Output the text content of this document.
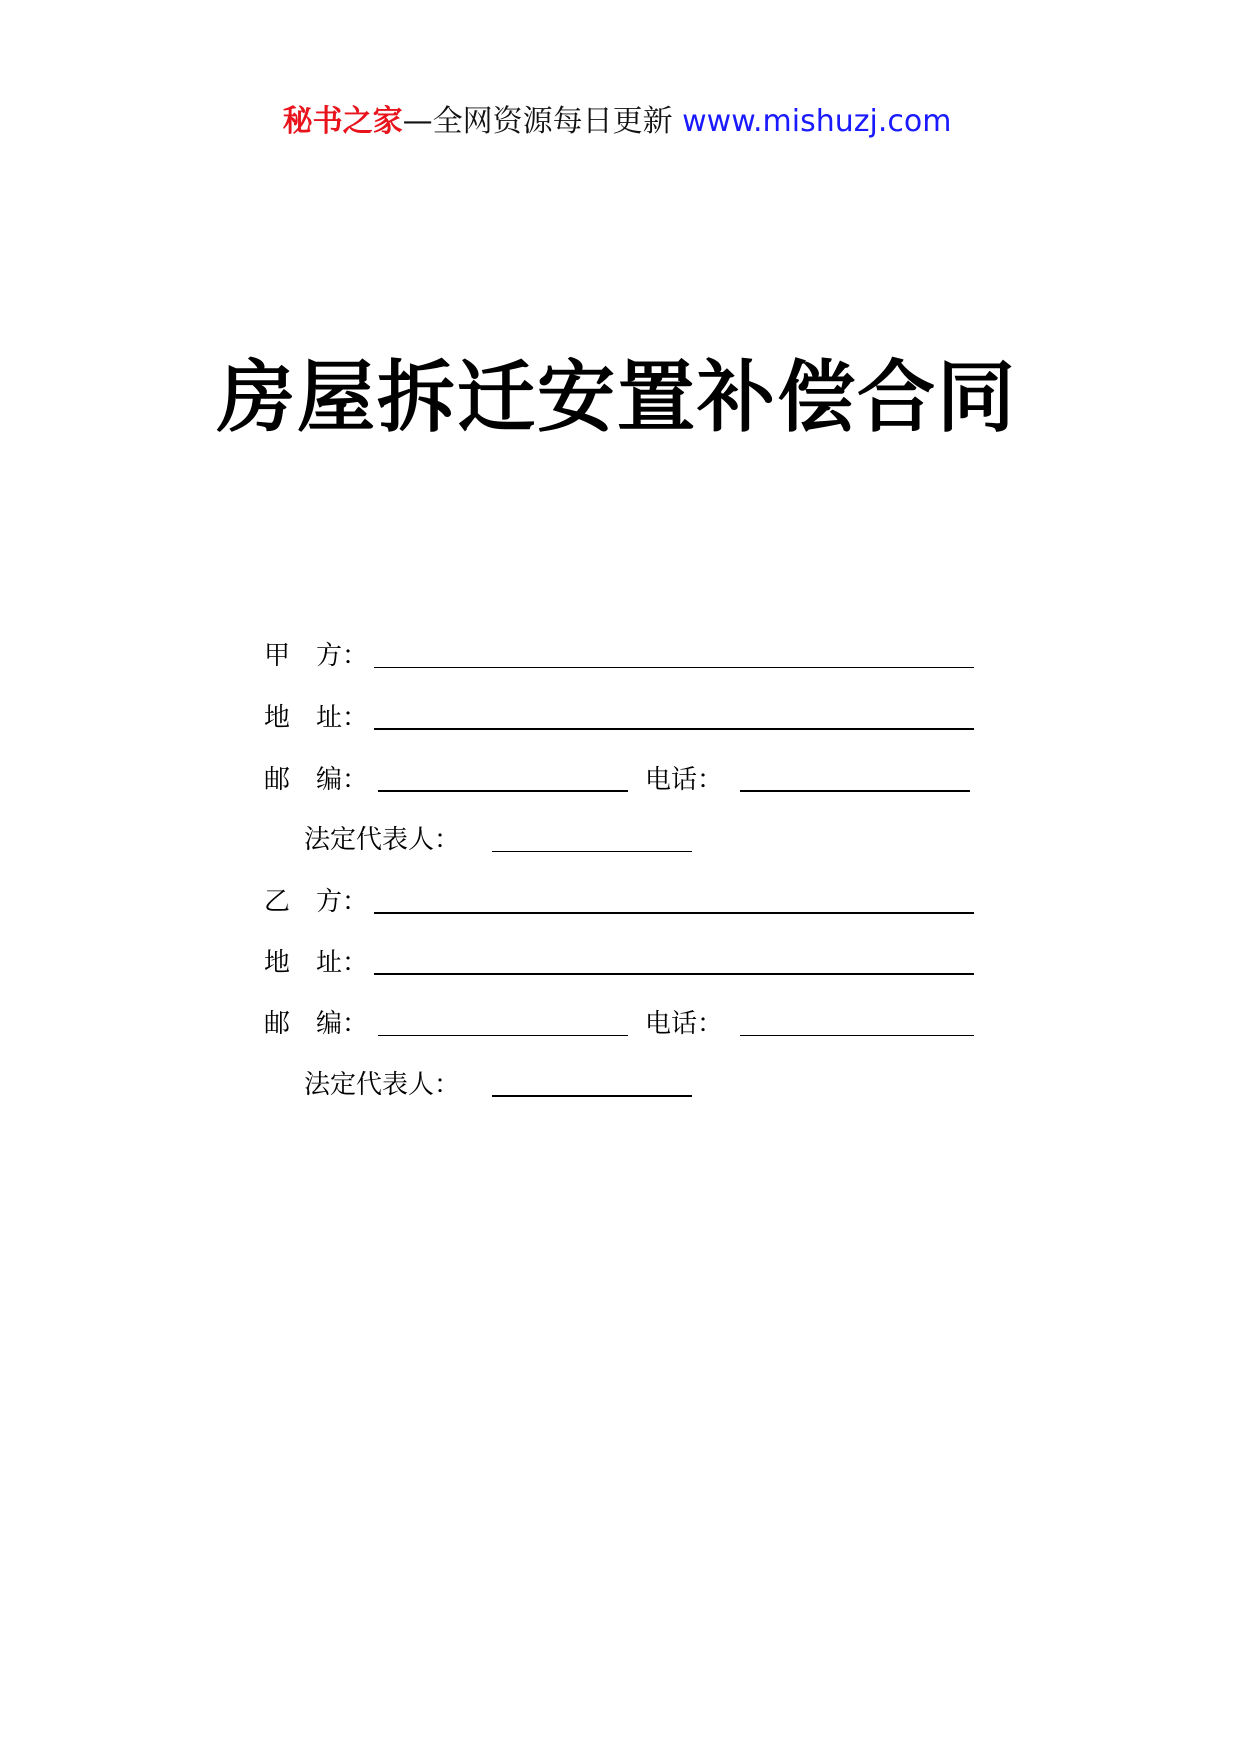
秘书之家—全网资源每日更新 www.mishuzj.com
房屋拆迁安置补偿合同
甲　方：
地　址：
邮　编：	电话：
法定代表人：
乙　方：
地　址：
邮　编：	电话：
法定代表人：
